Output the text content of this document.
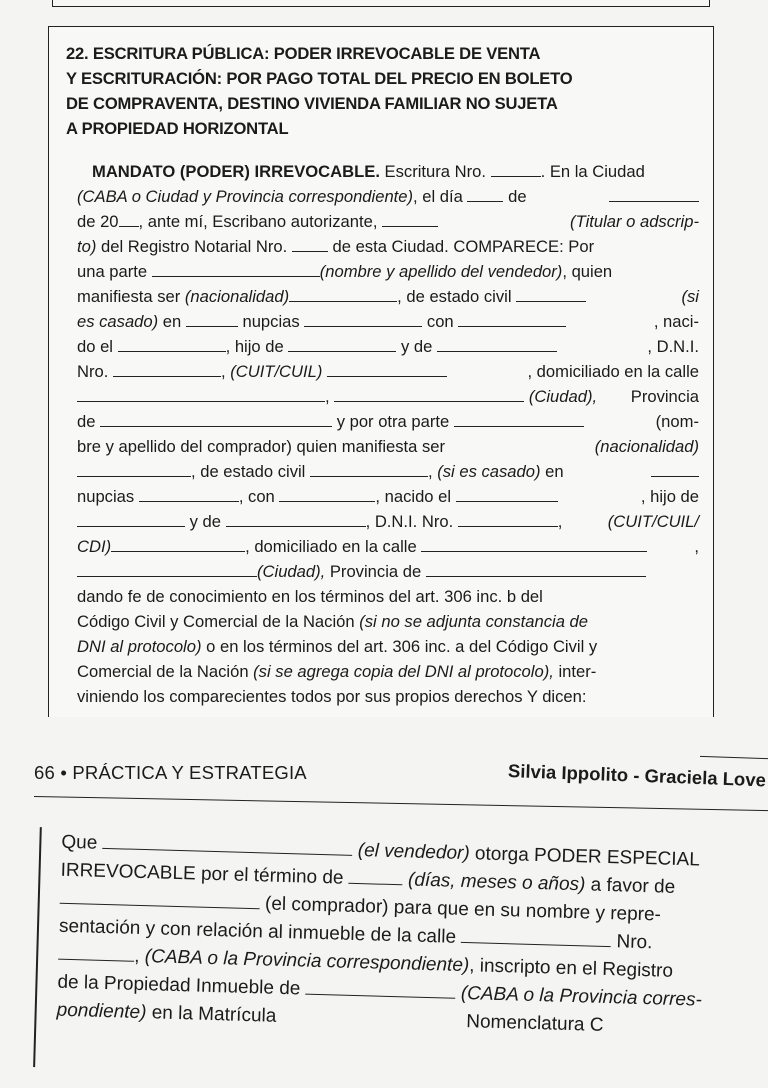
22. ESCRITURA PÚBLICA: PODER IRREVOCABLE DE VENTA
Y ESCRITURACIÓN: POR PAGO TOTAL DEL PRECIO EN BOLETO
DE COMPRAVENTA, DESTINO VIVIENDA FAMILIAR NO SUJETA
A PROPIEDAD HORIZONTAL
MANDATO (PODER) IRREVOCABLE. Escritura Nro.	. En la Ciudad
(CABA o Ciudad y Provincia correspondiente), el día  de
de 20 , ante mí, Escribano autorizante,	(Titular o adscrip-
to) del Registro Notarial Nro.  de esta Ciudad. COMPARECE: Por
una parte	(nombre y apellido del vendedor), quien
manifiesta ser (nacionalidad)	, de estado civil	(si
es casado) en	nupcias	con	, naci-
do el	, hijo de	y de	, D.N.I.
Nro.	, (CUIT/CUIL)	, domiciliado en la calle
,	(Ciudad), Provincia
de	y por otra parte	(nom-
bre y apellido del comprador) quien manifiesta ser	(nacionalidad)
, de estado civil	, (si es casado) en
nupcias	, con	, nacido el	, hijo de
y de	, D.N.I. Nro.	, (CUIT/CUIL/
CDI)	, domiciliado en la calle	,
(Ciudad), Provincia de
dando fe de conocimiento en los términos del art. 306 inc. b del
Código Civil y Comercial de la Nación (si no se adjunta constancia de
DNI al protocolo) o en los términos del art. 306 inc. a del Código Civil y
Comercial de la Nación (si se agrega copia del DNI al protocolo), inter-
viniendo los comparecientes todos por sus propios derechos Y dicen:
66 • PRÁCTICA Y ESTRATEGIA	Silvia Ippolito - Graciela Love
Que	(el vendedor) otorga PODER ESPECIAL
IRREVOCABLE por el término de	(días, meses o años) a favor de
(el comprador) para que en su nombre y repre-
sentación y con relación al inmueble de la calle	Nro.
, (CABA o la Provincia correspondiente), inscripto en el Registro
de la Propiedad Inmueble de	(CABA o la Provincia corres-
pondiente) en la Matrícula	Nomenclatura C
